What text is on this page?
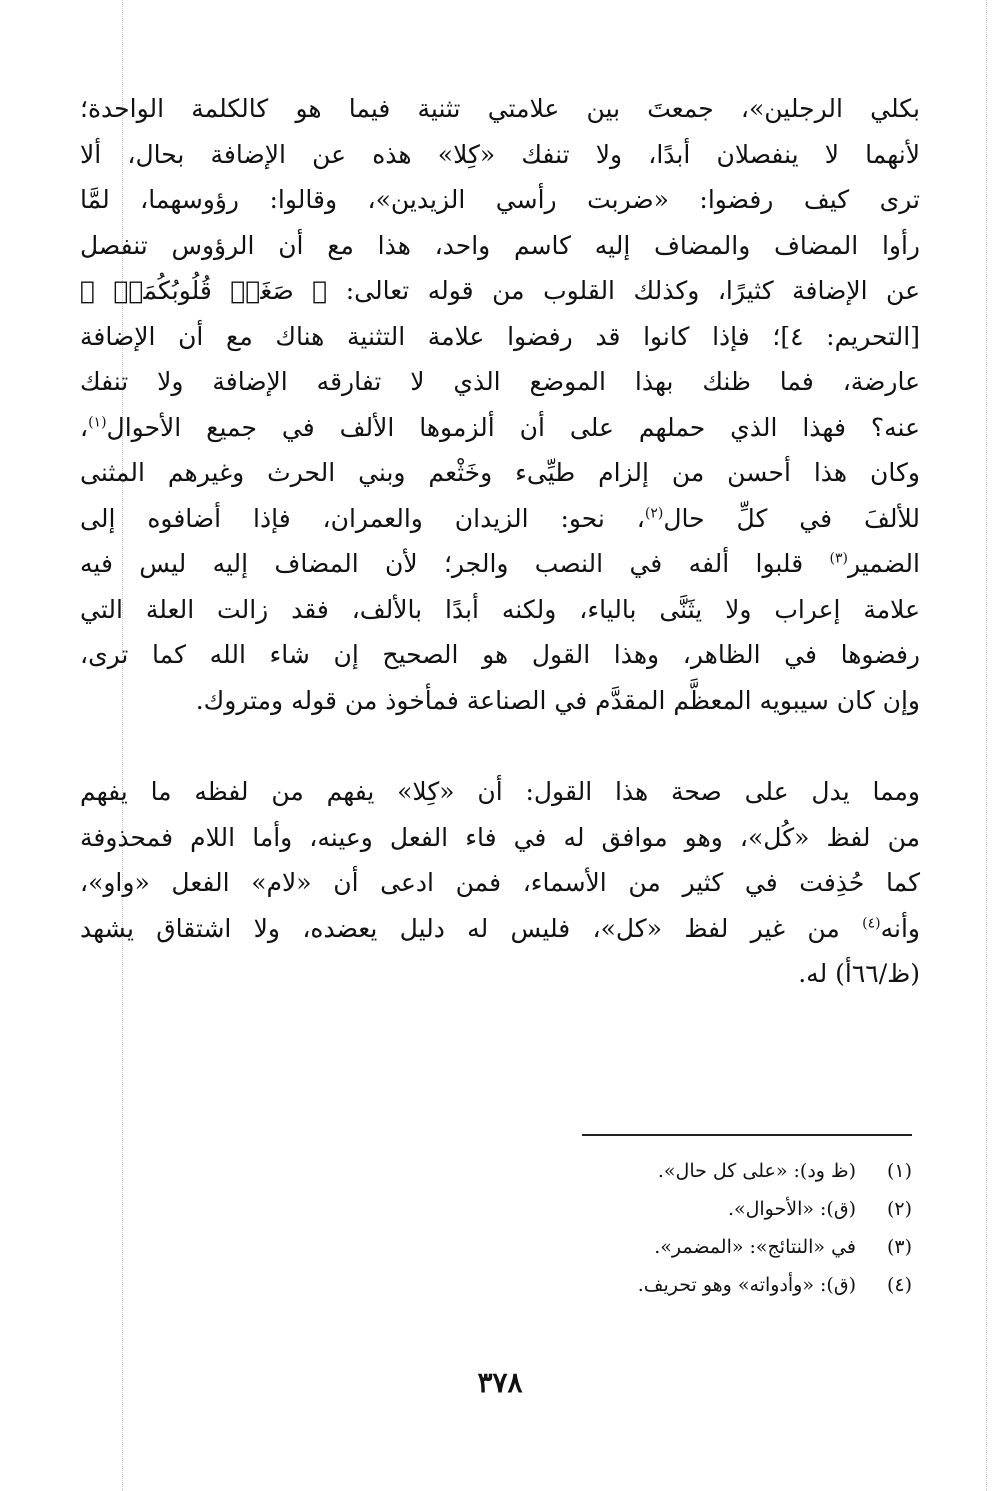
بكلي الرجلين»، جمعتَ بين علامتي تثنية فيما هو كالكلمة الواحدة؛
لأنهما لا ينفصلان أبدًا، ولا تنفك «كِلا» هذه عن الإضافة بحال، ألا
ترى كيف رفضوا: «ضربت رأسي الزيدين»، وقالوا: رؤوسهما، لمَّا
رأوا المضاف والمضاف إليه كاسم واحد، هذا مع أن الرؤوس تنفصل
عن الإضافة كثيرًا، وكذلك القلوب من قوله تعالى: ﴿ صَغَتۡ قُلُوبُكُمَاۖ ﴾
[التحريم: ٤]؛ فإذا كانوا قد رفضوا علامة التثنية هناك مع أن الإضافة
عارضة، فما ظنك بهذا الموضع الذي لا تفارقه الإضافة ولا تنفك
عنه؟ فهذا الذي حملهم على أن ألزموها الألف في جميع الأحوال$^{(١)}$،
وكان هذا أحسن من إلزام طيِّىء وخَثْعم وبني الحرث وغيرهم المثنى
للألفَ في كلِّ حال$^{(٢)}$، نحو: الزيدان والعمران، فإذا أضافوه إلى
الضمير$^{(٣)}$ قلبوا ألفه في النصب والجر؛ لأن المضاف إليه ليس فيه
علامة إعراب ولا يثَنَّى بالياء، ولكنه أبدًا بالألف، فقد زالت العلة التي
رفضوها في الظاهر، وهذا القول هو الصحيح إن شاء الله كما ترى،
وإن كان سيبويه المعظَّم المقدَّم في الصناعة فمأخوذ من قوله ومتروك.
ومما يدل على صحة هذا القول: أن «كِلا» يفهم من لفظه ما يفهم
من لفظ «كُل»، وهو موافق له في فاء الفعل وعينه، وأما اللام فمحذوفة
كما حُذِفت في كثير من الأسماء، فمن ادعى أن «لام» الفعل «واو»،
وأنه$^{(٤)}$ من غير لفظ «كل»، فليس له دليل يعضده، ولا اشتقاق يشهد
(ظ/٦٦أ) له.
(١)(ظ ود): «على كل حال».
(٢)(ق): «الأحوال».
(٣)في «النتائج»: «المضمر».
(٤)(ق): «وأدواته» وهو تحريف.
٣٧٨
